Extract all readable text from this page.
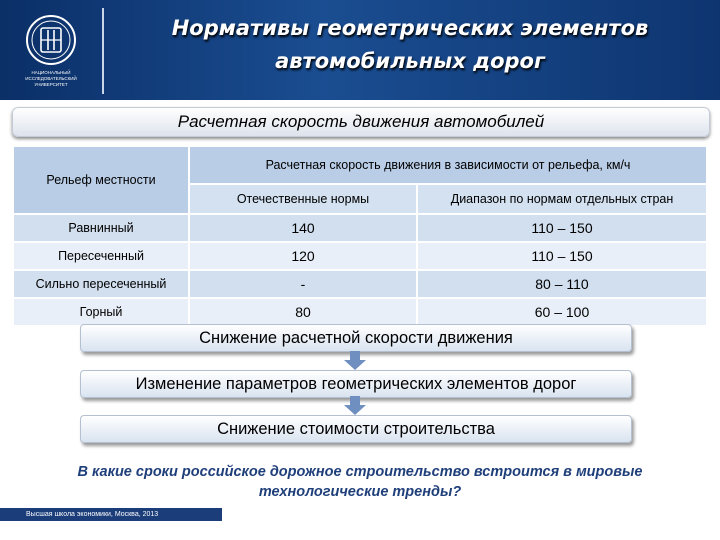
НАЦИОНАЛЬНЫЙ ИССЛЕДОВАТЕЛЬСКИЙ УНИВЕРСИТЕТ
Нормативы геометрических элементов
автомобильных дорог
Расчетная скорость движения автомобилей
Рельеф местности	Расчетная скорость движения в зависимости от рельефа, км/ч	
	Отечественные нормы	Диапазон по нормам отдельных стран
Равнинный	140	110 – 150
Пересеченный	120	110 – 150
Сильно пересеченный	-	80 – 110
Горный	80	60 – 100
Снижение расчетной скорости движения
Изменение параметров геометрических элементов дорог
Снижение стоимости строительства
В какие сроки российское дорожное строительство встроится в мировые технологические тренды?
Высшая школа экономики, Москва, 2013
